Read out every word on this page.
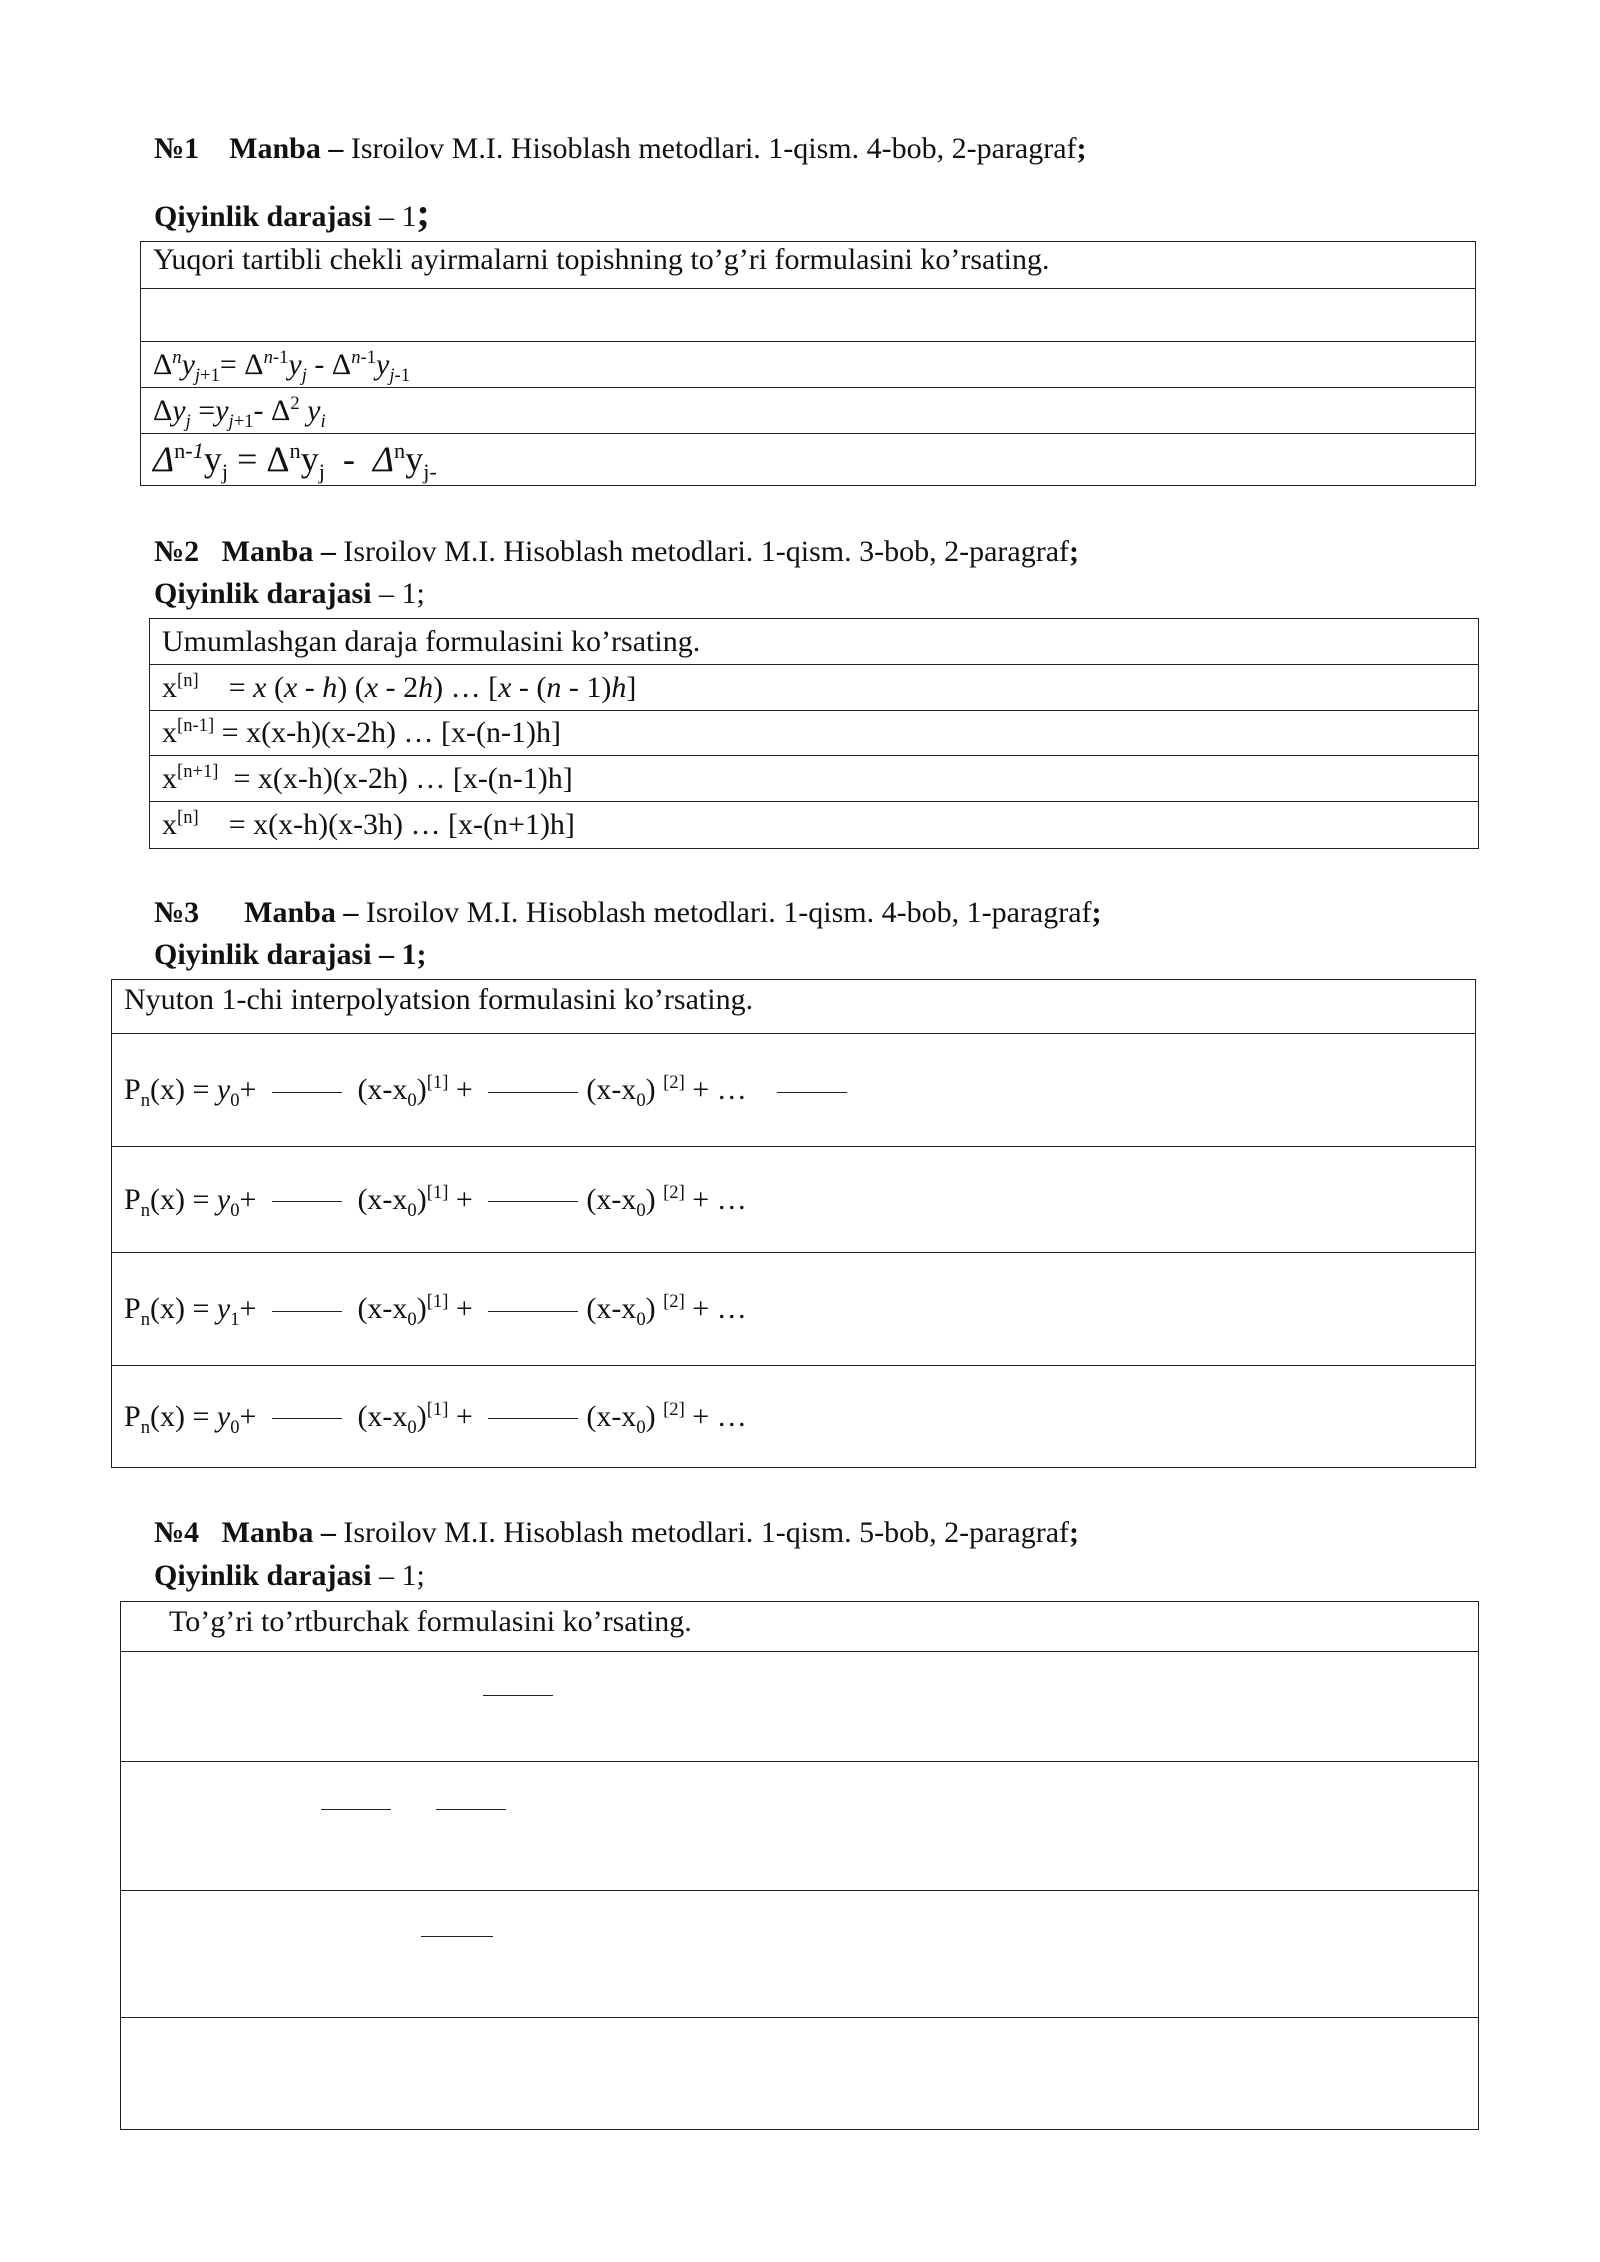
№1 Manba – Isroilov M.I. Hisoblash metodlari. 1-qism. 4-bob, 2-paragraf;
Qiyinlik darajasi – 1;
Yuqori tartibli chekli ayirmalarni topishning to’g’ri formulasini ko’rsating.

$\Delta^ny_{j+1}= \Delta^{n-1}y_j - \Delta^{n-1}y_{j-1}$
$\Delta y_j =y_{j+1}-$ $\Delta^2$ $y_i$
$\Delta^{n-1}y_j = \Delta^ny_j - \Delta^ny_{j-}$
№2 Manba – Isroilov M.I. Hisoblash metodlari. 1-qism. 3-bob, 2-paragraf;
Qiyinlik darajasi – 1;
Umumlashgan daraja formulasini ko’rsating.
x[n]    = x (x - h) (x - 2h) … [x - (n - 1)h]
x[n-1] = x(x-h)(x-2h) … [x-(n-1)h]
x[n+1] = x(x-h)(x-2h) … [x-(n-1)h]
x[n] = x(x-h)(x-3h) … [x-(n+1)h]
№3 Manba – Isroilov M.I. Hisoblash metodlari. 1-qism. 4-bob, 1-paragraf;
Qiyinlik darajasi – 1;
Nyuton 1-chi interpolyatsion formulasini ko’rsating.
$P_n(x) = y_0+$	$(x-x_0)[1]$ +	$(x-x_0) [2]$ + …
$P_n(x) = y_0+$	$(x-x_0)[1]$ +	$(x-x_0) [2]$ + …
$P_n(x) = y_1+$	$(x-x_0)[1]$ +	$(x-x_0) [2]$ + …
$P_n(x) = y_0+$	$(x-x_0)[1]$ +	$(x-x_0) [2]$ + …
№4 Manba – Isroilov M.I. Hisoblash metodlari. 1-qism. 5-bob, 2-paragraf;
Qiyinlik darajasi – 1;
To’g’ri to’rtburchak formulasini ko’rsating.
